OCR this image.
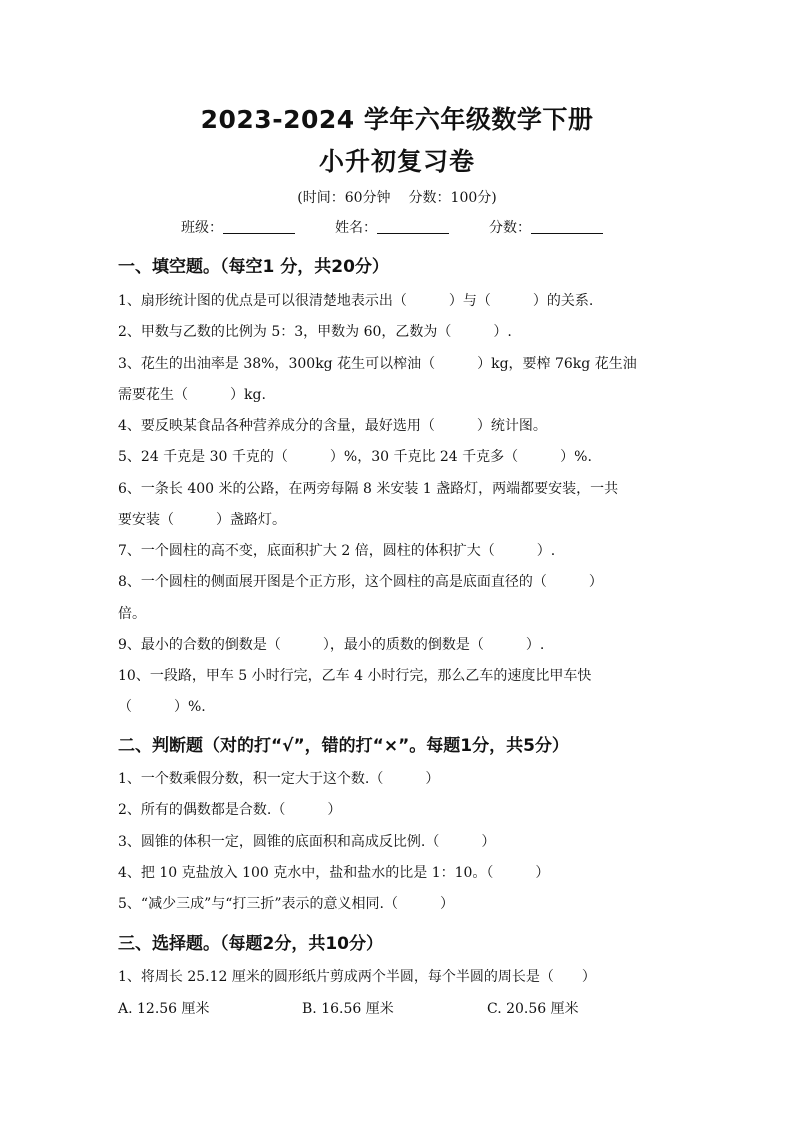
2023-2024 学年六年级数学下册
小升初复习卷
(时间：60分钟 分数：100分)
班级：	姓名：	分数：
一、填空题。（每空1 分，共20分）
1、扇形统计图的优点是可以很清楚地表示出（　　　）与（　　　）的关系.
2、甲数与乙数的比例为 5：3，甲数为 60，乙数为（　　　）.
3、花生的出油率是 38%，300kg 花生可以榨油（　　　）kg，要榨 76kg 花生油
需要花生（　　　）kg.
4、要反映某食品各种营养成分的含量，最好选用（　　　）统计图。
5、24 千克是 30 千克的（　　　）%，30 千克比 24 千克多（　　　）%.
6、一条长 400 米的公路，在两旁每隔 8 米安装 1 盏路灯，两端都要安装，一共
要安装（　　　）盏路灯。
7、一个圆柱的高不变，底面积扩大 2 倍，圆柱的体积扩大（　　　）.
8、一个圆柱的侧面展开图是个正方形，这个圆柱的高是底面直径的（　　　）
倍。
9、最小的合数的倒数是（　　　），最小的质数的倒数是（　　　）.
10、一段路，甲车 5 小时行完，乙车 4 小时行完，那么乙车的速度比甲车快
（　　　）%.
二、判断题（对的打“√”，错的打“×”。每题1分，共5分）
1、一个数乘假分数，积一定大于这个数.（　　　）
2、所有的偶数都是合数.（　　　）
3、圆锥的体积一定，圆锥的底面积和高成反比例.（　　　）
4、把 10 克盐放入 100 克水中，盐和盐水的比是 1：10。（　　　）
5、“减少三成”与“打三折”表示的意义相同.（　　　）
三、选择题。（每题2分，共10分）
1、将周长 25.12 厘米的圆形纸片剪成两个半圆，每个半圆的周长是（　　）
A. 12.56 厘米	B. 16.56 厘米	C. 20.56 厘米
